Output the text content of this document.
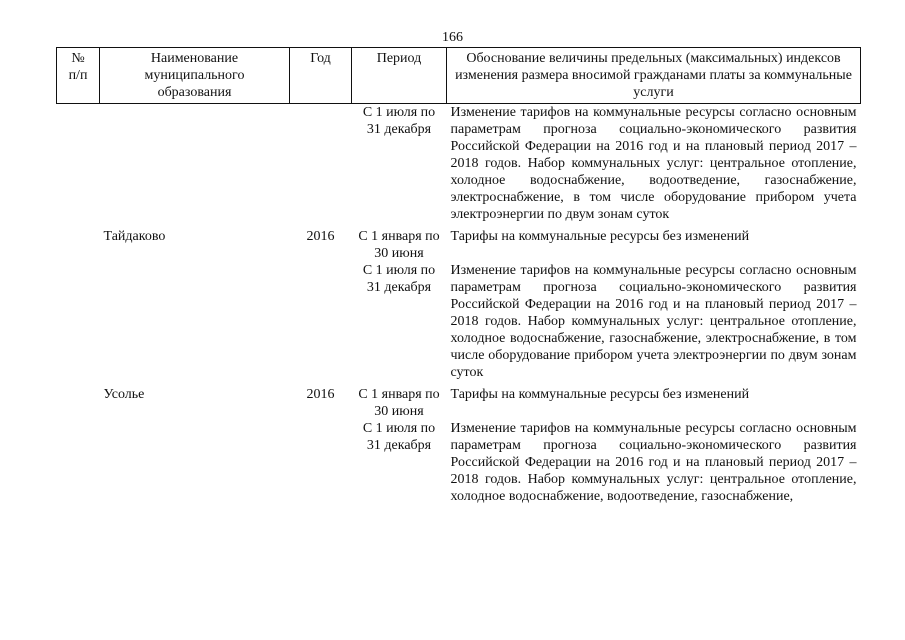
166
№
п/п	Наименование муниципального образования	Год	Период	Обоснование величины предельных (максимальных) индексов изменения размера вносимой гражданами платы за коммунальные услуги
			С 1 июля по 31 декабря	Изменение тарифов на коммунальные ресурсы согласно основным параметрам прогноза социально-экономического развития Российской Федерации на 2016 год и на плановый период 2017 – 2018 годов. Набор коммунальных услуг: центральное отопление, холодное водоснабжение, водоотведение, газоснабжение, электроснабжение, в том числе оборудование прибором учета электроэнергии по двум зонам суток
	Тайдаково	2016	С 1 января по 30 июня	Тарифы на коммунальные ресурсы без изменений
			С 1 июля по 31 декабря	Изменение тарифов на коммунальные ресурсы согласно основным параметрам прогноза социально-экономического развития Российской Федерации на 2016 год и на плановый период 2017 – 2018 годов. Набор коммунальных услуг: центральное отопление, холодное водоснабжение, газоснабжение, электроснабжение, в том числе оборудование прибором учета электроэнергии по двум зонам суток
	Усолье	2016	С 1 января по 30 июня	Тарифы на коммунальные ресурсы без изменений
			С 1 июля по 31 декабря	Изменение тарифов на коммунальные ресурсы согласно основным параметрам прогноза социально-экономического развития Российской Федерации на 2016 год и на плановый период 2017 – 2018 годов. Набор коммунальных услуг: центральное отопление, холодное водоснабжение, водоотведение, газоснабжение,
